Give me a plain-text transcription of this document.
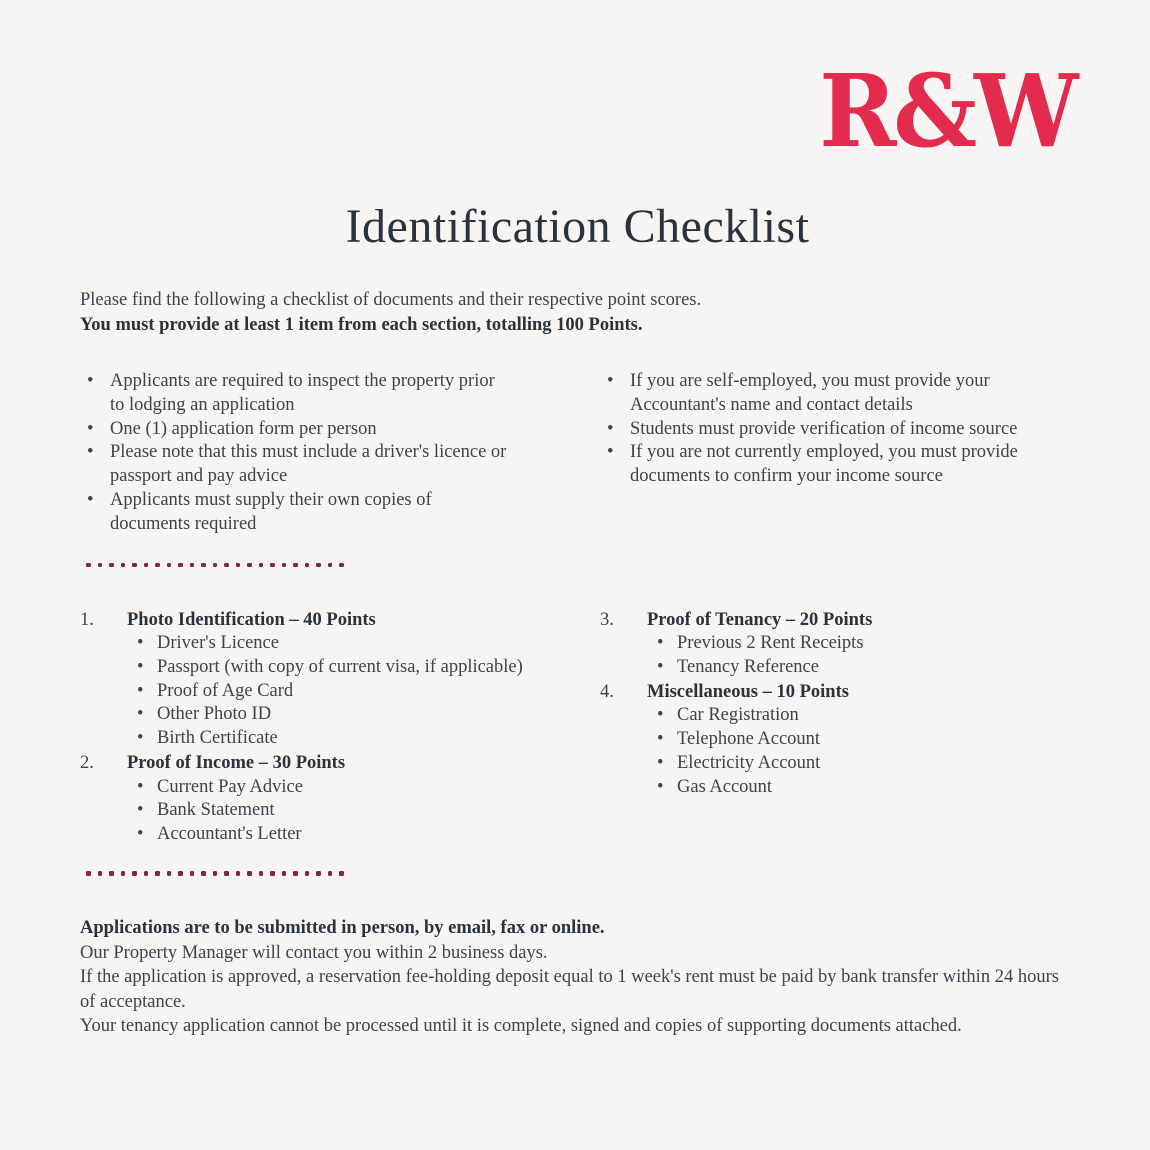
R&W
Identification Checklist

Please find the following a checklist of documents and their respective point scores.

You must provide at least 1 item from each section, totalling 100 Points.

• Applicants are required to inspect the property prior to lodging an application
• One (1) application form per person
• Please note that this must include a driver's licence or passport and pay advice
• Applicants must supply their own copies of documents required
• If you are self-employed, you must provide your Accountant's name and contact details
• Students must provide verification of income source
• If you are not currently employed, you must provide documents to confirm your income source
1.	Photo Identification – 40 Points
• Driver's Licence
• Passport (with copy of current visa, if applicable)
• Proof of Age Card
• Other Photo ID
• Birth Certificate
2.	Proof of Income – 30 Points
• Current Pay Advice
• Bank Statement
• Accountant's Letter
3.	Proof of Tenancy – 20 Points
• Previous 2 Rent Receipts
• Tenancy Reference
4.	Miscellaneous – 10 Points
• Car Registration
• Telephone Account
• Electricity Account
• Gas Account

Applications are to be submitted in person, by email, fax or online.

Our Property Manager will contact you within 2 business days.

If the application is approved, a reservation fee-holding deposit equal to 1 week's rent must be paid by bank transfer within 24 hours of acceptance.

Your tenancy application cannot be processed until it is complete, signed and copies of supporting documents attached.
